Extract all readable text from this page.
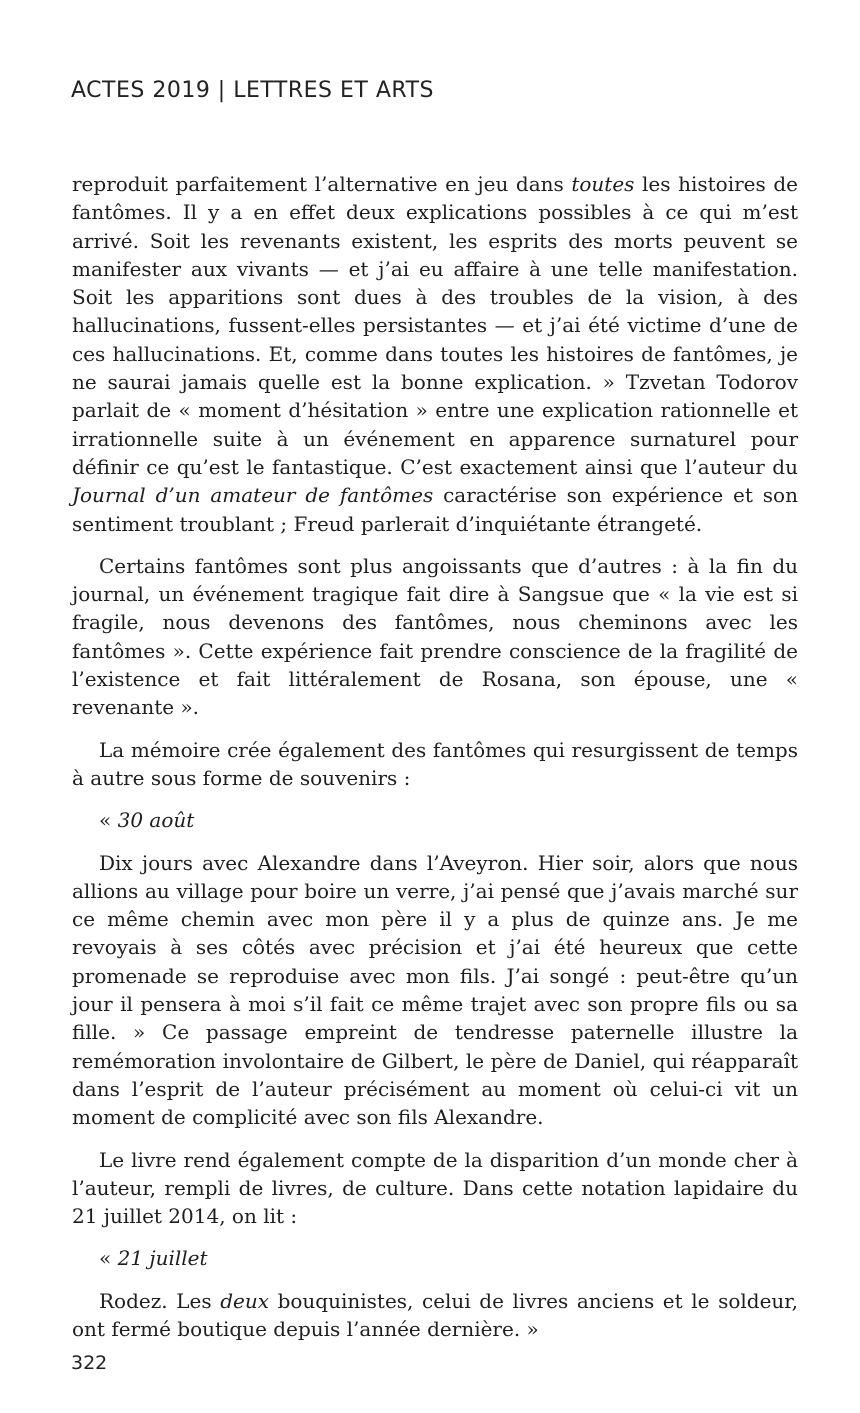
ACTES 2019 | LETTRES ET ARTS

reproduit parfaitement l’alternative en jeu dans toutes les histoires de fantômes. Il y a en effet deux explications possibles à ce qui m’est arrivé. Soit les revenants existent, les esprits des morts peuvent se manifester aux vivants — et j’ai eu affaire à une telle manifestation. Soit les apparitions sont dues à des troubles de la vision, à des hallucinations, fussent-elles persistantes — et j’ai été victime d’une de ces hallucinations. Et, comme dans toutes les histoires de fantômes, je ne saurai jamais quelle est la bonne explication. » Tzvetan Todorov parlait de « moment d’hésitation » entre une explication rationnelle et irrationnelle suite à un événement en apparence surnaturel pour définir ce qu’est le fantastique. C’est exactement ainsi que l’auteur du Journal d’un amateur de fantômes caractérise son expérience et son sentiment troublant ; Freud parlerait d’inquiétante étrangeté.

Certains fantômes sont plus angoissants que d’autres : à la fin du journal, un événement tragique fait dire à Sangsue que « la vie est si fragile, nous devenons des fantômes, nous cheminons avec les fantômes ». Cette expérience fait prendre conscience de la fragilité de l’existence et fait littéralement de Rosana, son épouse, une « revenante ».

La mémoire crée également des fantômes qui resurgissent de temps à autre sous forme de souvenirs :

« 30 août

Dix jours avec Alexandre dans l’Aveyron. Hier soir, alors que nous allions au village pour boire un verre, j’ai pensé que j’avais marché sur ce même chemin avec mon père il y a plus de quinze ans. Je me revoyais à ses côtés avec précision et j’ai été heureux que cette promenade se reproduise avec mon fils. J’ai songé : peut-être qu’un jour il pensera à moi s’il fait ce même trajet avec son propre fils ou sa fille. » Ce passage empreint de tendresse paternelle illustre la remémoration involontaire de Gilbert, le père de Daniel, qui réapparaît dans l’esprit de l’auteur précisément au moment où celui-ci vit un moment de complicité avec son fils Alexandre.

Le livre rend également compte de la disparition d’un monde cher à l’auteur, rempli de livres, de culture. Dans cette notation lapidaire du 21 juillet 2014, on lit :

« 21 juillet

Rodez. Les deux bouquinistes, celui de livres anciens et le soldeur, ont fermé boutique depuis l’année dernière. »

322
